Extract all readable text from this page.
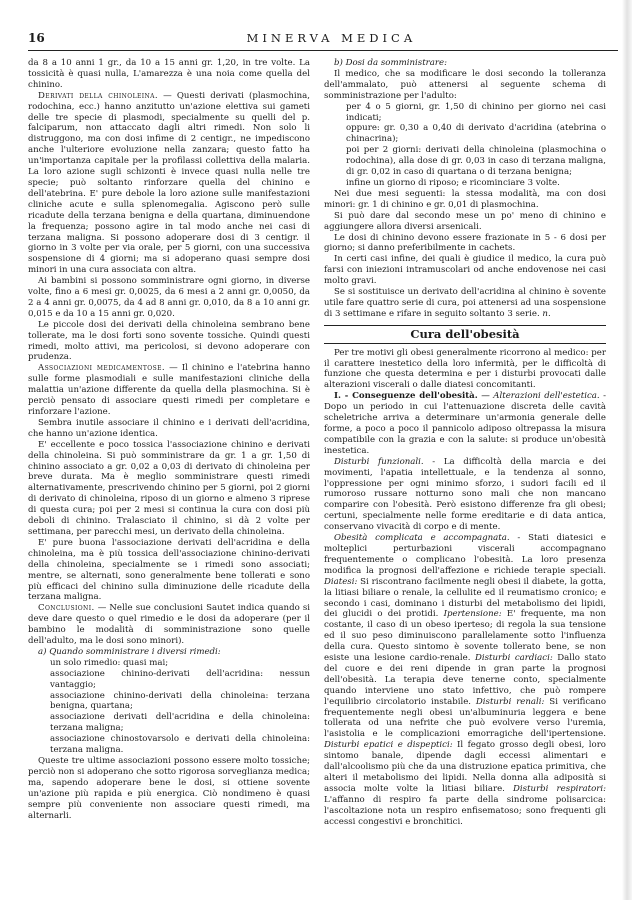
16	MINERVA MEDICA

da 8 a 10 anni 1 gr., da 10 a 15 anni gr. 1,20, in tre volte. La tossicità è quasi nulla, L'amarezza è una noia come quella del chinino.

Derivati della chinoleina. — Questi derivati (plasmochina, rodochina, ecc.) hanno anzitutto un'azione elettiva sui gameti delle tre specie di plasmodi, specialmente su quelli del p. falciparum, non attaccato dagli altri rimedi. Non solo li distruggono, ma con dosi infime di 2 centigr., ne impediscono anche l'ulteriore evoluzione nella zanzara; questo fatto ha un'importanza capitale per la profilassi collettiva della malaria. La loro azione sugli schizonti è invece quasi nulla nelle tre specie; può soltanto rinforzare quella del chinino e dell'atebrina. E' pure debole la loro azione sulle manifestazioni cliniche acute e sulla splenomegalia. Agiscono però sulle ricadute della terzana benigna e della quartana, diminuendone la frequenza; possono agire in tal modo anche nei casi di terzana maligna. Si possono adoperare dosi di 3 centigr. il giorno in 3 volte per via orale, per 5 giorni, con una successiva sospensione di 4 giorni; ma si adoperano quasi sempre dosi minori in una cura associata con altra.

Ai bambini si possono somministrare ogni giorno, in diverse volte, fino a 6 mesi gr. 0,0025, da 6 mesi a 2 anni gr. 0,0050, da 2 a 4 anni gr. 0,0075, da 4 ad 8 anni gr. 0,010, da 8 a 10 anni gr. 0,015 e da 10 a 15 anni gr. 0,020.

Le piccole dosi dei derivati della chinoleina sembrano bene tollerate, ma le dosi forti sono sovente tossiche. Quindi questi rimedi, molto attivi, ma pericolosi, si devono adoperare con prudenza.

Associazioni medicamentose. — Il chinino e l'atebrina hanno sulle forme plasmodiali e sulle manifestazioni cliniche della malattia un'azione differente da quella della plasmochina. Si è perciò pensato di associare questi rimedi per completare e rinforzare l'azione.

Sembra inutile associare il chinino e i derivati dell'acridina, che hanno un'azione identica.

E' eccellente e poco tossica l'associazione chinino e derivati della chinoleina. Si può somministrare da gr. 1 a gr. 1,50 di chinino associato a gr. 0,02 a 0,03 di derivato di chinoleina per breve durata. Ma è meglio somministrare questi rimedi alternativamente, prescrivendo chinino per 5 giorni, poi 2 giorni di derivato di chinoleina, riposo di un giorno e almeno 3 riprese di questa cura; poi per 2 mesi si continua la cura con dosi più deboli di chinino. Tralasciato il chinino, si dà 2 volte per settimana, per parecchi mesi, un derivato della chinoleina.

E' pure buona l'associazione derivati dell'acridina e della chinoleina, ma è più tossica dell'associazione chinino-derivati della chinoleina, specialmente se i rimedi sono associati; mentre, se alternati, sono generalmente bene tollerati e sono più efficaci del chinino sulla diminuzione delle ricadute della terzana maligna.

Conclusioni. — Nelle sue conclusioni Sautet indica quando si deve dare questo o quel rimedio e le dosi da adoperare (per il bambino le modalità di somministrazione sono quelle dell'adulto, ma le dosi sono minori).

a) Quando somministrare i diversi rimedi:

un solo rimedio: quasi mai;

associazione chinino-derivati dell'acridina: nessun vantaggio;

associazione chinino-derivati della chinoleina: terzana benigna, quartana;

associazione derivati dell'acridina e della chinoleina: terzana maligna;

associazione chinostovarsolo e derivati della chinoleina: terzana maligna.

Queste tre ultime associazioni possono essere molto tossiche; perciò non si adoperano che sotto rigorosa sorveglianza medica; ma, sapendo adoperare bene le dosi, si ottiene sovente un'azione più rapida e più energica. Ciò nondimeno è quasi sempre più conveniente non associare questi rimedi, ma alternarli.

b) Dosi da somministrare:

Il medico, che sa modificare le dosi secondo la tolleranza dell'ammalato, può attenersi al seguente schema di somministrazione per l'adulto:

per 4 o 5 giorni, gr. 1,50 di chinino per giorno nei casi indicati;

oppure: gr. 0,30 a 0,40 di derivato d'acridina (atebrina o chinacrina);

poi per 2 giorni: derivati della chinoleina (plasmochina o rodochina), alla dose di gr. 0,03 in caso di terzana maligna, di gr. 0,02 in caso di quartana o di terzana benigna;

infine un giorno di riposo; e ricominciare 3 volte.

Nei due mesi seguenti: la stessa modalità, ma con dosi minori: gr. 1 di chinino e gr. 0,01 di plasmochina.

Si può dare dal secondo mese un po' meno di chinino e aggiungere allora diversi arsenicali.

Le dosi di chinino devono essere frazionate in 5 - 6 dosi per giorno; si danno preferibilmente in cachets.

In certi casi infine, dei quali è giudice il medico, la cura può farsi con iniezioni intramuscolari od anche endovenose nei casi molto gravi.

Se si sostituisce un derivato dell'acridina al chinino è sovente utile fare quattro serie di cura, poi attenersi ad una sospensione di 3 settimane e rifare in seguito soltanto 3 serie. n.

Cura dell'obesità

Per tre motivi gli obesi generalmente ricorrono al medico: per il carattere inestetico della loro infermità, per le difficoltà di funzione che questa determina e per i disturbi provocati dalle alterazioni viscerali o dalle diatesi concomitanti.

I. - Conseguenze dell'obesità. — Alterazioni dell'estetica. - Dopo un periodo in cui l'attenuazione discreta delle cavità scheletriche arriva a determinare un'armonia generale delle forme, a poco a poco il pannicolo adiposo oltrepassa la misura compatibile con la grazia e con la salute: si produce un'obesità inestetica.

Disturbi funzionali. - La difficoltà della marcia e dei movimenti, l'apatia intellettuale, e la tendenza al sonno, l'oppressione per ogni minimo sforzo, i sudori facili ed il rumoroso russare notturno sono mali che non mancano comparire con l'obesità. Però esistono differenze fra gli obesi; certuni, specialmente nelle forme ereditarie e di data antica, conservano vivacità di corpo e di mente.

Obesità complicata e accompagnata. - Stati diatesici e molteplici perturbazioni viscerali accompagnano frequentemente o complicano l'obesità. La loro presenza modifica la prognosi dell'affezione e richiede terapie speciali. Diatesi: Si riscontrano facilmente negli obesi il diabete, la gotta, la litiasi biliare o renale, la cellulite ed il reumatismo cronico; e secondo i casi, dominano i disturbi del metabolismo dei lipidi, dei glucidi o dei protidi. Ipertensione: E' frequente, ma non costante, il caso di un obeso iperteso; di regola la sua tensione ed il suo peso diminuiscono parallelamente sotto l'influenza della cura. Questo sintomo è sovente tollerato bene, se non esiste una lesione cardio-renale. Disturbi cardiaci: Dallo stato del cuore e dei reni dipende in gran parte la prognosi dell'obesità. La terapia deve tenerne conto, specialmente quando interviene uno stato infettivo, che può rompere l'equilibrio circolatorio instabile. Disturbi renali: Si verificano frequentemente negli obesi un'albuminuria leggera e bene tollerata od una nefrite che può evolvere verso l'uremia, l'asistolia e le complicazioni emorragiche dell'ipertensione. Disturbi epatici e dispeptici: Il fegato grosso degli obesi, loro sintomo banale, dipende dagli eccessi alimentari e dall'alcoolismo più che da una distruzione epatica primitiva, che alteri il metabolismo dei lipidi. Nella donna alla adiposità si associa molte volte la litiasi biliare. Disturbi respiratori: L'affanno di respiro fa parte della sindrome polisarcica: l'ascoltazione nota un respiro enfisematoso; sono frequenti gli accessi congestivi e bronchitici.
